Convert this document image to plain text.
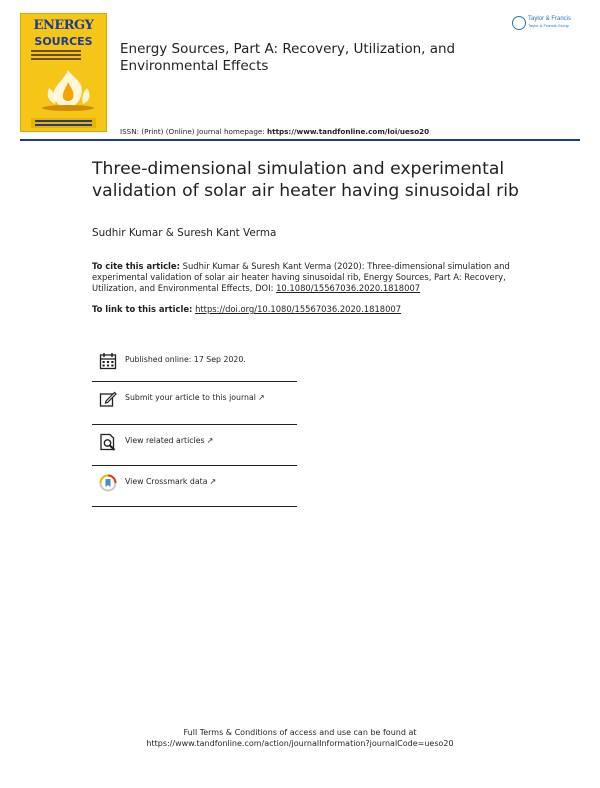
ENERGY
SOURCES
Taylor & Francis
Taylor & Francis Group
Energy Sources, Part A: Recovery, Utilization, and Environmental Effects
ISSN: (Print) (Online) Journal homepage: https://www.tandfonline.com/loi/ueso20
Three-dimensional simulation and experimental validation of solar air heater having sinusoidal rib
Sudhir Kumar & Suresh Kant Verma
To cite this article: Sudhir Kumar & Suresh Kant Verma (2020): Three-dimensional simulation and experimental validation of solar air heater having sinusoidal rib, Energy Sources, Part A: Recovery, Utilization, and Environmental Effects, DOI: 10.1080/15567036.2020.1818007
To link to this article: https://doi.org/10.1080/15567036.2020.1818007
Published online: 17 Sep 2020.
Submit your article to this journal ↗
View related articles ↗
View Crossmark data ↗
Full Terms & Conditions of access and use can be found at
https://www.tandfonline.com/action/journalInformation?journalCode=ueso20
